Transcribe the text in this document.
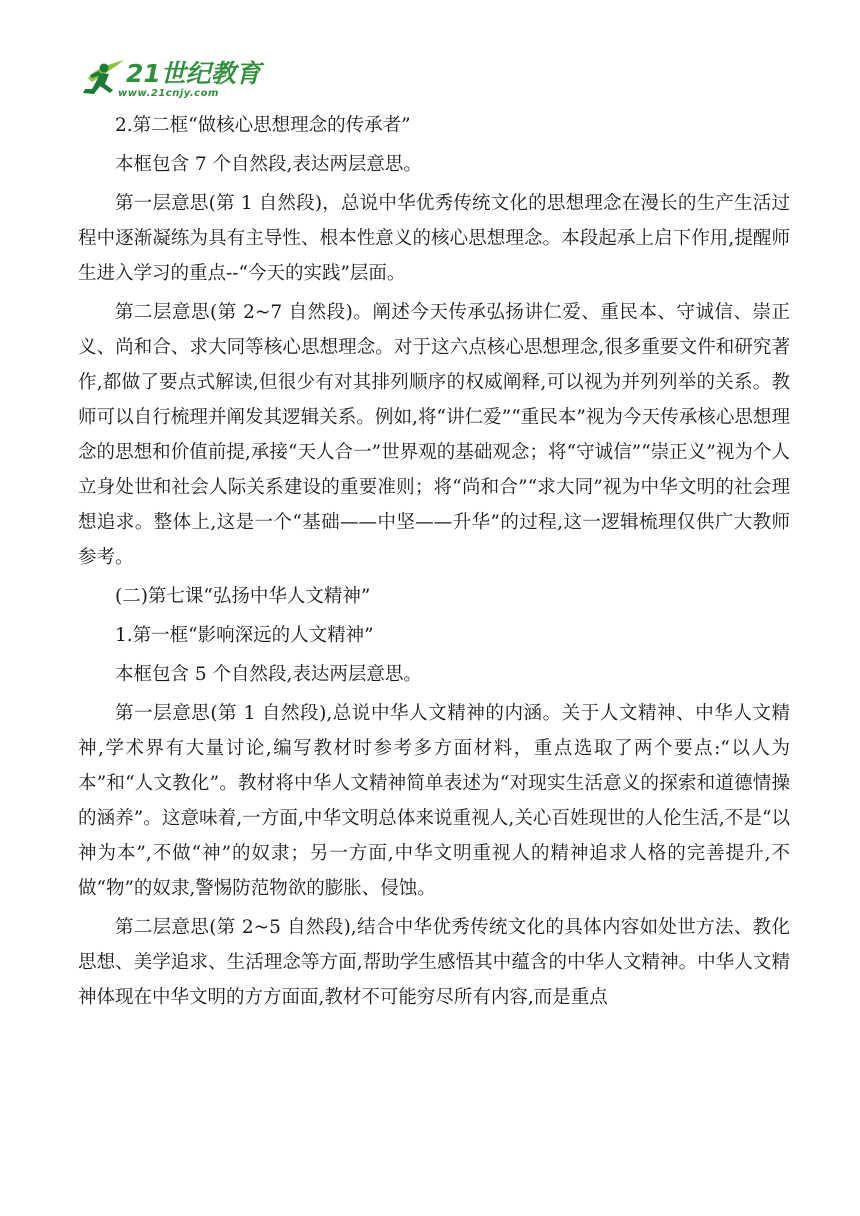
21世纪教育
www.21cnjy.com

2.第二框“做核心思想理念的传承者”

本框包含 7 个自然段,表达两层意思。

第一层意思(第 1 自然段)，总说中华优秀传统文化的思想理念在漫长的生产生活过程中逐渐凝练为具有主导性、根本性意义的核心思想理念。本段起承上启下作用,提醒师生进入学习的重点--“今天的实践”层面。

第二层意思(第 2~7 自然段)。阐述今天传承弘扬讲仁爱、重民本、守诚信、崇正义、尚和合、求大同等核心思想理念。对于这六点核心思想理念,很多重要文件和研究著作,都做了要点式解读,但很少有对其排列顺序的权威阐释,可以视为并列列举的关系。教师可以自行梳理并阐发其逻辑关系。例如,将“讲仁爱”“重民本”视为今天传承核心思想理念的思想和价值前提,承接“天人合一”世界观的基础观念；将“守诚信”“崇正义”视为个人立身处世和社会人际关系建设的重要准则；将“尚和合”“求大同”视为中华文明的社会理想追求。整体上,这是一个“基础——中坚——升华”的过程,这一逻辑梳理仅供广大教师参考。

(二)第七课“弘扬中华人文精神”

1.第一框“影响深远的人文精神”

本框包含 5 个自然段,表达两层意思。

第一层意思(第 1 自然段),总说中华人文精神的内涵。关于人文精神、中华人文精神,学术界有大量讨论,编写教材时参考多方面材料，重点选取了两个要点:“以人为本”和“人文教化”。教材将中华人文精神简单表述为“对现实生活意义的探索和道德情操的涵养”。这意味着,一方面,中华文明总体来说重视人,关心百姓现世的人伦生活,不是“以神为本”,不做“神”的奴隶；另一方面,中华文明重视人的精神追求人格的完善提升,不做“物”的奴隶,警惕防范物欲的膨胀、侵蚀。

第二层意思(第 2~5 自然段),结合中华优秀传统文化的具体内容如处世方法、教化思想、美学追求、生活理念等方面,帮助学生感悟其中蕴含的中华人文精神。中华人文精神体现在中华文明的方方面面,教材不可能穷尽所有内容,而是重点
